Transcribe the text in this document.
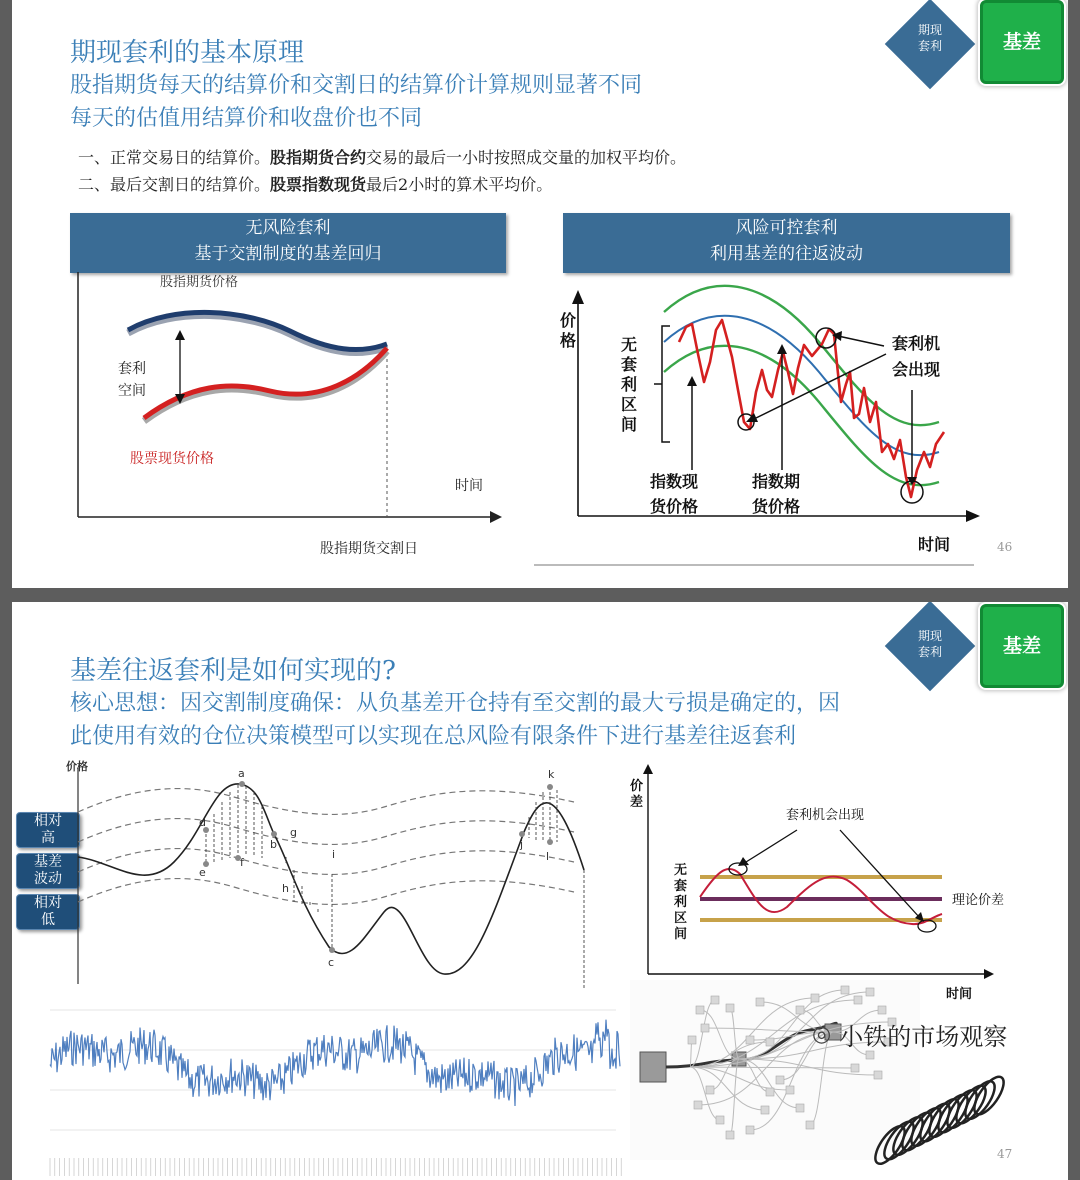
期现套利的基本原理
股指期货每天的结算价和交割日的结算价计算规则显著不同
每天的估值用结算价和收盘价也不同
一、正常交易日的结算价。股指期货合约交易的最后一小时按照成交量的加权平均价。
二、最后交割日的结算价。股票指数现货最后2小时的算术平均价。
期现
套利	基差
无风险套利
基于交割制度的基差回归
风险可控套利
利用基差的往返波动
股指期货价格
套利
空间
股票现货价格
时间
股指期货交割日
价
格	无
套
利
区
间
套利机
会出现
指数现
货价格
指数期
货价格
时间	46
基差往返套利是如何实现的?
核心思想：因交割制度确保：从负基差开仓持有至交割的最大亏损是确定的，因
此使用有效的仓位决策模型可以实现在总风险有限条件下进行基差往返套利
期现
套利	基差
相对
高
基差
波动
相对
低
价格
a
b
c
d
e
f
g
h
i
j
k
l
价
差
套利机会出现
无
套
利
区
间
理论价差
时间
◎ 小铁的市场观察
47
